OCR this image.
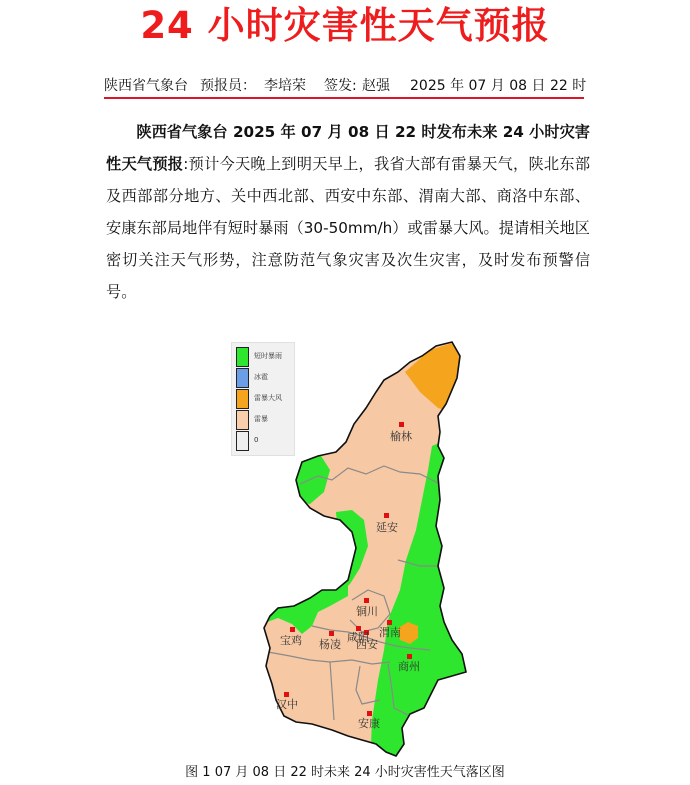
24 小时灾害性天气预报

陕西省气象台

预报员：

李培荣

签发:

赵强

2025 年 07 月 08 日 22 时

陕西省气象台 2025 年 07 月 08 日 22 时发布未来 24 小时灾害性天气预报:预计今天晚上到明天早上，我省大部有雷暴天气，陕北东部及西部部分地方、关中西北部、西安中东部、渭南大部、商洛中东部、安康东部局地伴有短时暴雨（30-50mm/h）或雷暴大风。提请相关地区密切关注天气形势，注意防范气象灾害及次生灾害，及时发布预警信号。

短时暴雨
冰雹
雷暴大风
雷暴
0	榆林
延安
铜川
宝鸡 杨凌
咸阳
西安
渭南
商州
汉中
安康
图 1 07 月 08 日 22 时未来 24 小时灾害性天气落区图
